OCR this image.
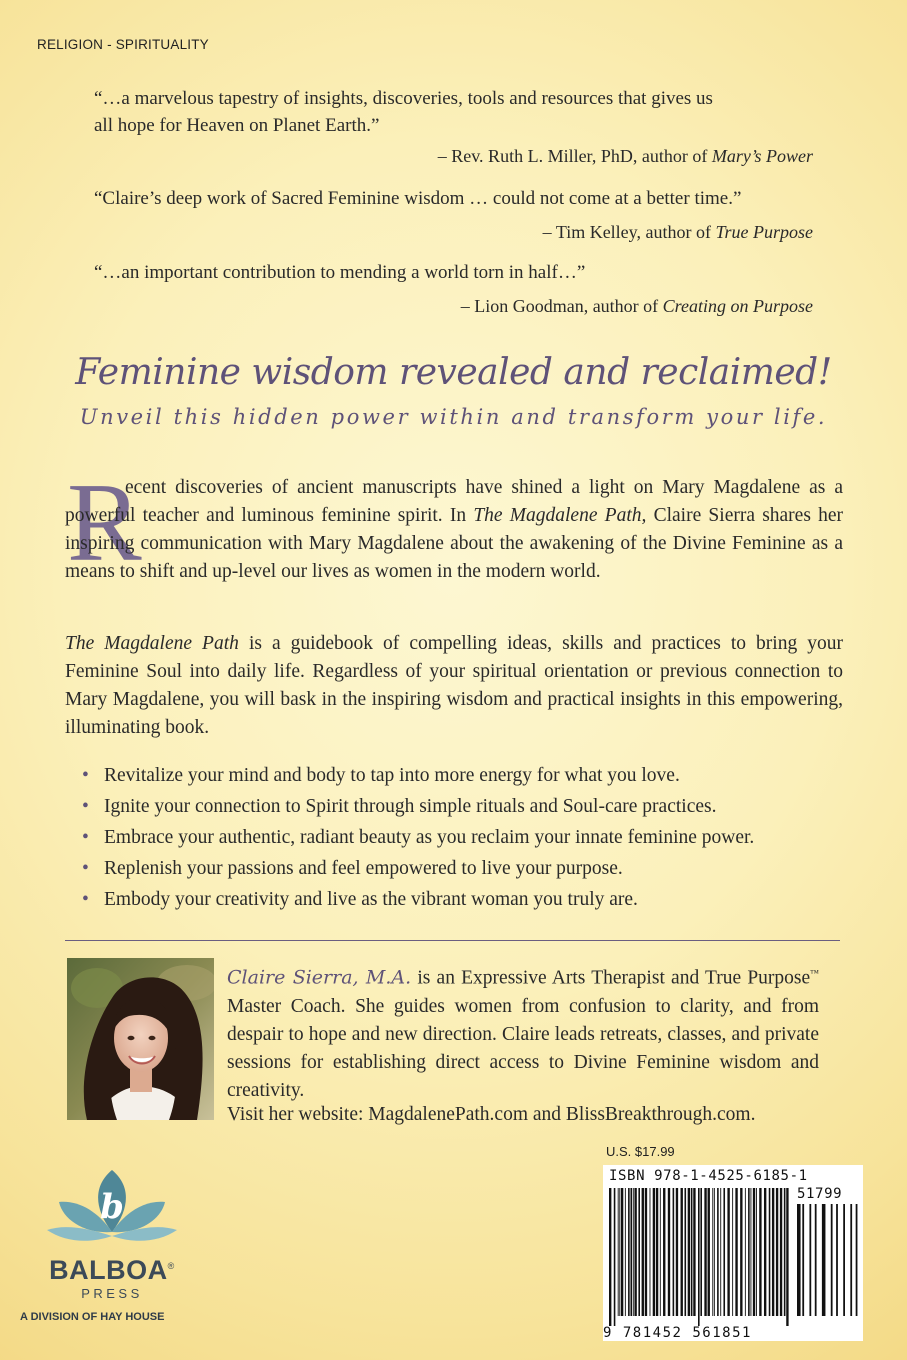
RELIGION - SPIRITUALITY
“…a marvelous tapestry of insights, discoveries, tools and resources that gives us
all hope for Heaven on Planet Earth.”
– Rev. Ruth L. Miller, PhD, author of Mary’s Power
“Claire’s deep work of Sacred Feminine wisdom … could not come at a better time.”
– Tim Kelley, author of True Purpose
“…an important contribution to mending a world torn in half…”
– Lion Goodman, author of Creating on Purpose
Feminine wisdom revealed and reclaimed!
Unveil this hidden power within and transform your life.
R
ecent discoveries of ancient manuscripts have shined a light on Mary Magdalene as a powerful teacher and luminous feminine spirit. In The Magdalene Path, Claire Sierra shares her inspiring communication with Mary Magdalene about the awakening of the Divine Feminine as a means to shift and up-level our lives as women in the modern world.
The Magdalene Path is a guidebook of compelling ideas, skills and practices to bring your Feminine Soul into daily life. Regardless of your spiritual orientation or previous connection to Mary Magdalene, you will bask in the inspiring wisdom and practical insights in this empowering, illuminating book.
• Revitalize your mind and body to tap into more energy for what you love.
• Ignite your connection to Spirit through simple rituals and Soul-care practices.
• Embrace your authentic, radiant beauty as you reclaim your innate feminine power.
• Replenish your passions and feel empowered to live your purpose.
• Embody your creativity and live as the vibrant woman you truly are.
Claire Sierra, M.A. is an Expressive Arts Therapist and True Purpose™ Master Coach. She guides women from confusion to clarity, and from despair to hope and new direction. Claire leads retreats, classes, and private sessions for establishing direct access to Divine Feminine wisdom and creativity.
Visit her website: MagdalenePath.com and BlissBreakthrough.com.
U.S. $17.99
ISBN 978-1-4525-6185-1
51799
9 781452 561851
b
BALBOA®
PRESS
A DIVISION OF HAY HOUSE
